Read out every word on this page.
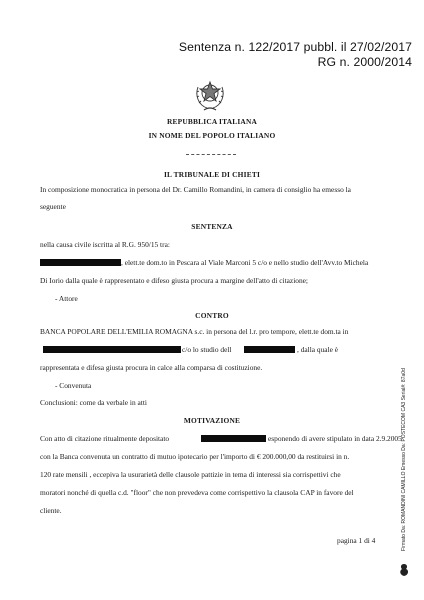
Sentenza n. 122/2017 pubbl. il 27/02/2017
RG n. 2000/2014
REPUBBLICA ITALIANA
IN NOME DEL POPOLO ITALIANO
IL TRIBUNALE DI CHIETI
In composizione monocratica in persona del Dr. Camillo Romandini, in camera di consiglio ha emesso la
seguente
SENTENZA
nella causa civile iscritta al R.G. 950/15 tra:
, elett.te dom.to in Pescara al Viale Marconi 5 c/o e nello studio dell'Avv.to Michela
Di Iorio dalla quale è rappresentato e difeso giusta procura a margine dell'atto di citazione;
- Attore
CONTRO
BANCA POPOLARE DELL'EMILIA ROMAGNA s.c. in persona del l.r. pro tempore, elett.te dom.ta in
c/o lo studio dell	, dalla quale è
rappresentata e difesa giusta procura in calce alla comparsa di costituzione.
- Convenuta
Conclusioni: come da verbale in atti
MOTIVAZIONE
Con atto di citazione ritualmente depositato	esponendo di avere stipulato in data 2.9.2005
con la Banca convenuta un contratto di mutuo ipotecario per l'importo di € 200.000,00 da restituirsi in n.
120 rate mensili , eccepiva la usurarietà delle clausole pattizie in tema di interessi sia corrispettivi che
moratori nonché di quella c.d. "floor" che non prevedeva come corrispettivo la clausola CAP in favore del
cliente.
pagina 1 di 4	Firmato Da: ROMANDINI CAMILLO Emesso Da: POSTECOM CA3 Serial#: 87a0d
